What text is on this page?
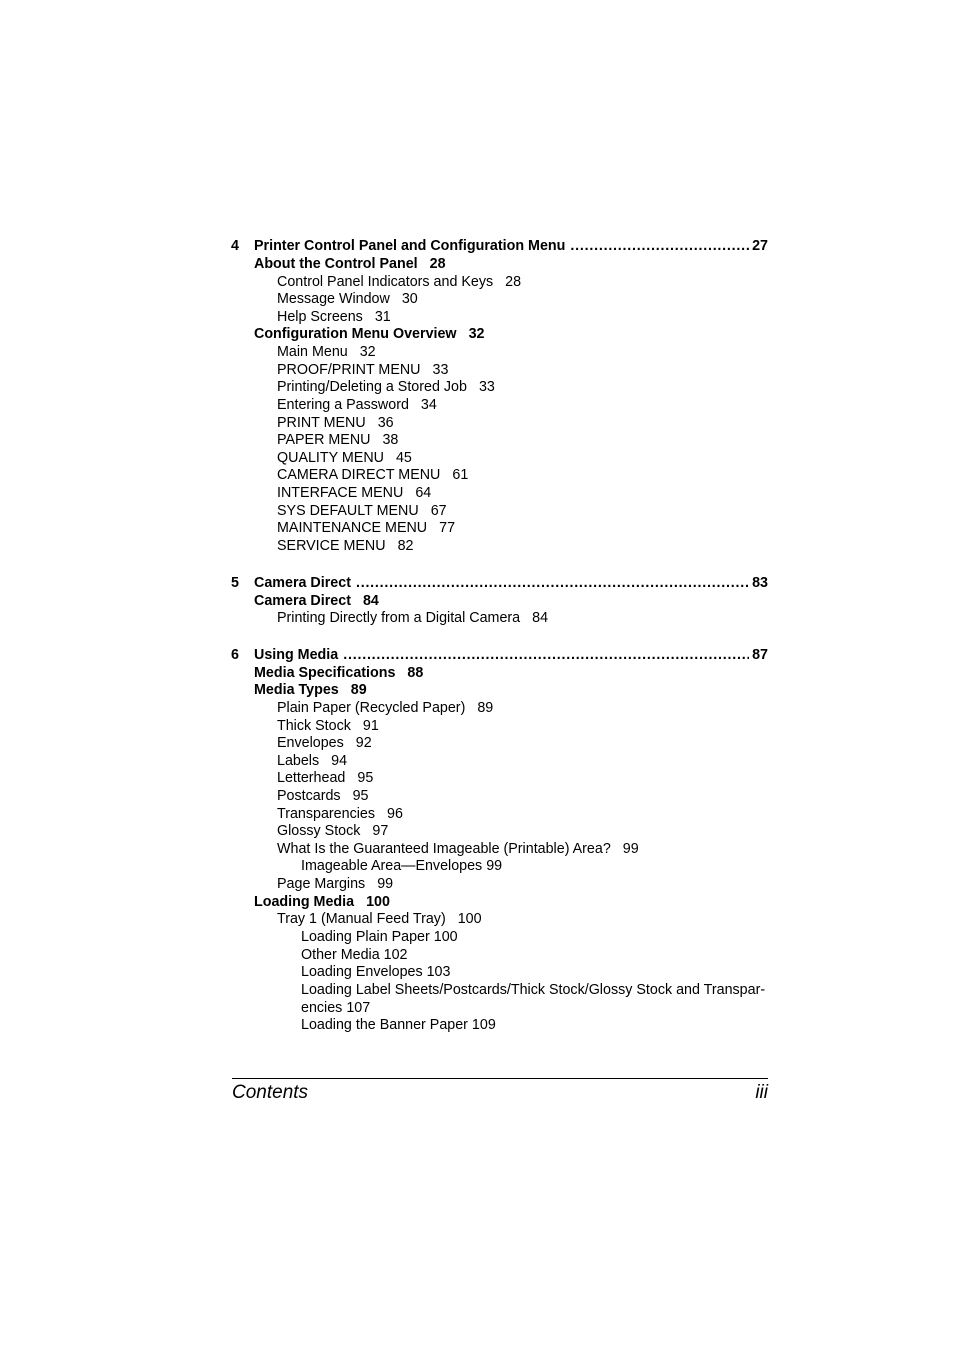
4 Printer Control Panel and Configuration Menu . . .	27
About the Control Panel 28
Control Panel Indicators and Keys 28
Message Window 30
Help Screens 31
Configuration Menu Overview 32
Main Menu 32
PROOF/PRINT MENU 33
Printing/Deleting a Stored Job 33
Entering a Password 34
PRINT MENU 36
PAPER MENU 38
QUALITY MENU 45
CAMERA DIRECT MENU 61
INTERFACE MENU 64
SYS DEFAULT MENU 67
MAINTENANCE MENU 77
SERVICE MENU 82
5 Camera Direct . . .	83
Camera Direct 84
Printing Directly from a Digital Camera 84
6 Using Media . . .	87
Media Specifications 88
Media Types 89
Plain Paper (Recycled Paper) 89
Thick Stock 91
Envelopes 92
Labels 94
Letterhead 95
Postcards 95
Transparencies 96
Glossy Stock 97
What Is the Guaranteed Imageable (Printable) Area? 99
Imageable Area—Envelopes 99
Page Margins 99
Loading Media 100
Tray 1 (Manual Feed Tray) 100
Loading Plain Paper 100
Other Media 102
Loading Envelopes 103
Loading Label Sheets/Postcards/Thick Stock/Glossy Stock and Transpar-
encies 107
Loading the Banner Paper 109
Contents	iii
